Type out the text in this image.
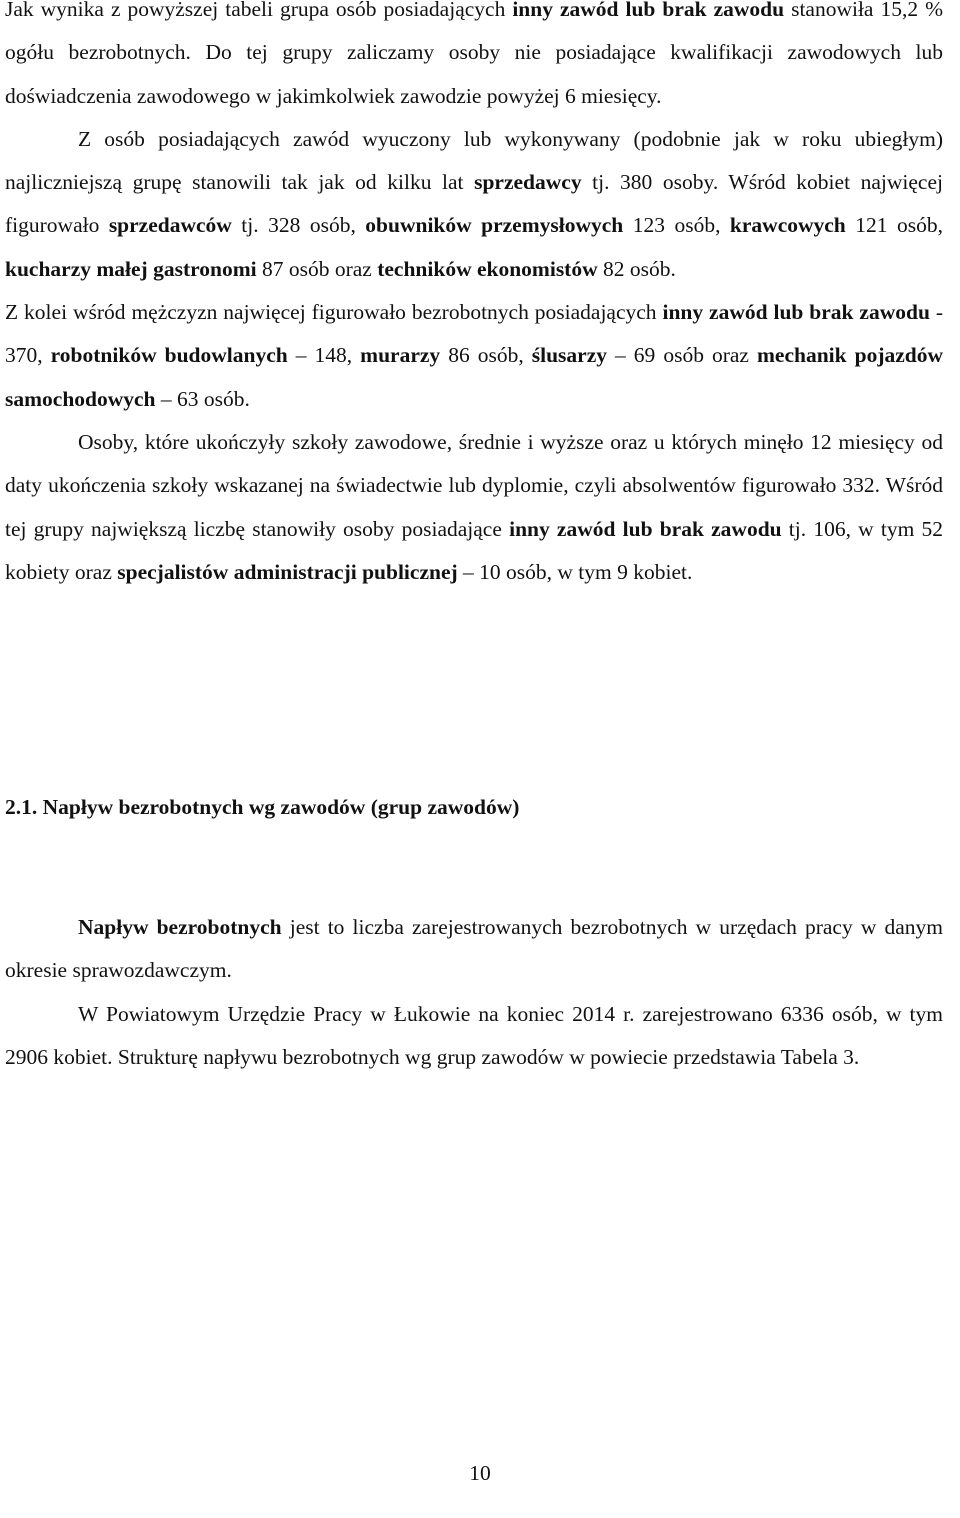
Jak wynika z powyższej tabeli grupa osób posiadających inny zawód lub brak zawodu stanowiła 15,2 % ogółu bezrobotnych. Do tej grupy zaliczamy osoby nie posiadające kwalifikacji zawodowych lub doświadczenia zawodowego w jakimkolwiek zawodzie powyżej 6 miesięcy.

Z osób posiadających zawód wyuczony lub wykonywany (podobnie jak w roku ubiegłym) najliczniejszą grupę stanowili tak jak od kilku lat sprzedawcy tj. 380 osoby. Wśród kobiet najwięcej figurowało sprzedawców tj. 328 osób, obuwników przemysłowych 123 osób, krawcowych 121 osób, kucharzy małej gastronomi 87 osób oraz techników ekonomistów 82 osób.

Z kolei wśród mężczyzn najwięcej figurowało bezrobotnych posiadających inny zawód lub brak zawodu - 370, robotników budowlanych – 148, murarzy 86 osób, ślusarzy – 69 osób oraz mechanik pojazdów samochodowych – 63 osób.

Osoby, które ukończyły szkoły zawodowe, średnie i wyższe oraz u których minęło 12 miesięcy od daty ukończenia szkoły wskazanej na świadectwie lub dyplomie, czyli absolwentów figurowało 332. Wśród tej grupy największą liczbę stanowiły osoby posiadające inny zawód lub brak zawodu tj. 106, w tym 52 kobiety oraz specjalistów administracji publicznej – 10 osób, w tym 9 kobiet.

2.1. Napływ bezrobotnych wg zawodów (grup zawodów)

Napływ bezrobotnych jest to liczba zarejestrowanych bezrobotnych w urzędach pracy w danym okresie sprawozdawczym.

W Powiatowym Urzędzie Pracy w Łukowie na koniec 2014 r. zarejestrowano 6336 osób, w tym 2906 kobiet. Strukturę napływu bezrobotnych wg grup zawodów w powiecie przedstawia Tabela 3.

10
